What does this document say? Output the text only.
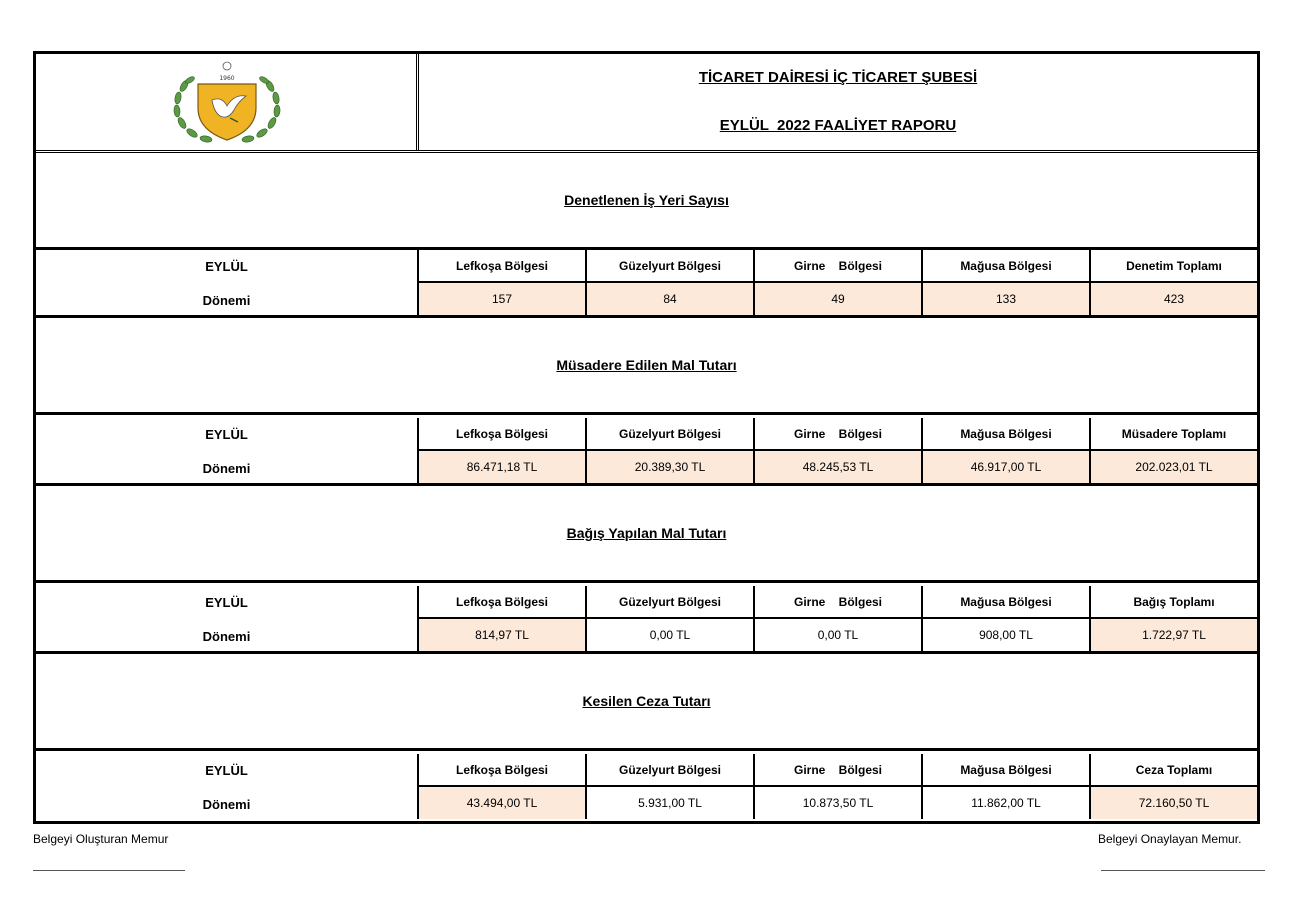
1960	TİCARET DAİRESİ İÇ TİCARET ŞUBESİ
EYLÜL  2022 FAALİYET RAPORU
Denetlenen İş Yeri Sayısı
EYLÜL
Dönemi
Lefkoşa Bölgesi	Güzelyurt Bölgesi	Girne    Bölgesi	Mağusa Bölgesi	Denetim Toplamı
157	84	49	133	423
Müsadere Edilen Mal Tutarı
EYLÜL
Dönemi
Lefkoşa Bölgesi	Güzelyurt Bölgesi	Girne    Bölgesi	Mağusa Bölgesi	Müsadere Toplamı
86.471,18 TL	20.389,30 TL	48.245,53 TL	46.917,00 TL	202.023,01 TL
Bağış Yapılan Mal Tutarı
EYLÜL
Dönemi
Lefkoşa Bölgesi	Güzelyurt Bölgesi	Girne    Bölgesi	Mağusa Bölgesi	Bağış Toplamı
814,97 TL	0,00 TL	0,00 TL	908,00 TL	1.722,97 TL
Kesilen Ceza Tutarı
EYLÜL
Dönemi
Lefkoşa Bölgesi	Güzelyurt Bölgesi	Girne    Bölgesi	Mağusa Bölgesi	Ceza Toplamı
43.494,00 TL	5.931,00 TL	10.873,50 TL	11.862,00 TL	72.160,50 TL
Belgeyi Oluşturan Memur	Belgeyi Onaylayan Memur.
